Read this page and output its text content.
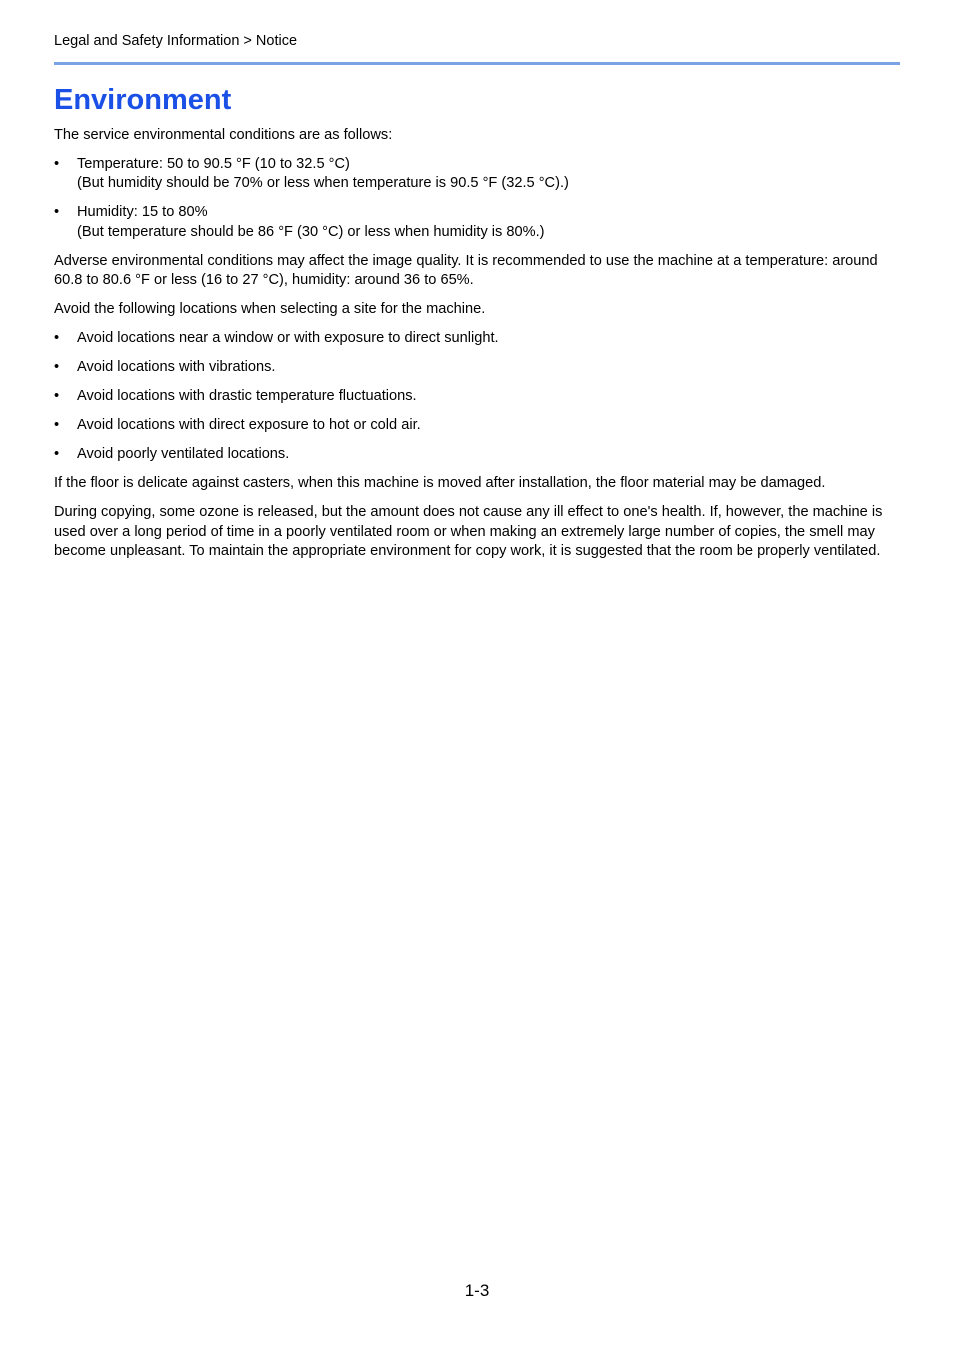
Legal and Safety Information > Notice
Environment

The service environmental conditions are as follows:

• Temperature: 50 to 90.5 °F (10 to 32.5 °C)
(But humidity should be 70% or less when temperature is 90.5 °F (32.5 °C).)
• Humidity: 15 to 80%
(But temperature should be 86 °F (30 °C) or less when humidity is 80%.)

Adverse environmental conditions may affect the image quality. It is recommended to use the machine at a temperature: around 60.8 to 80.6 °F or less (16 to 27 °C), humidity: around 36 to 65%.

Avoid the following locations when selecting a site for the machine.

• Avoid locations near a window or with exposure to direct sunlight.
• Avoid locations with vibrations.
• Avoid locations with drastic temperature fluctuations.
• Avoid locations with direct exposure to hot or cold air.
• Avoid poorly ventilated locations.

If the floor is delicate against casters, when this machine is moved after installation, the floor material may be damaged.

During copying, some ozone is released, but the amount does not cause any ill effect to one's health. If, however, the machine is used over a long period of time in a poorly ventilated room or when making an extremely large number of copies, the smell may become unpleasant. To maintain the appropriate environment for copy work, it is suggested that the room be properly ventilated.

1-3
